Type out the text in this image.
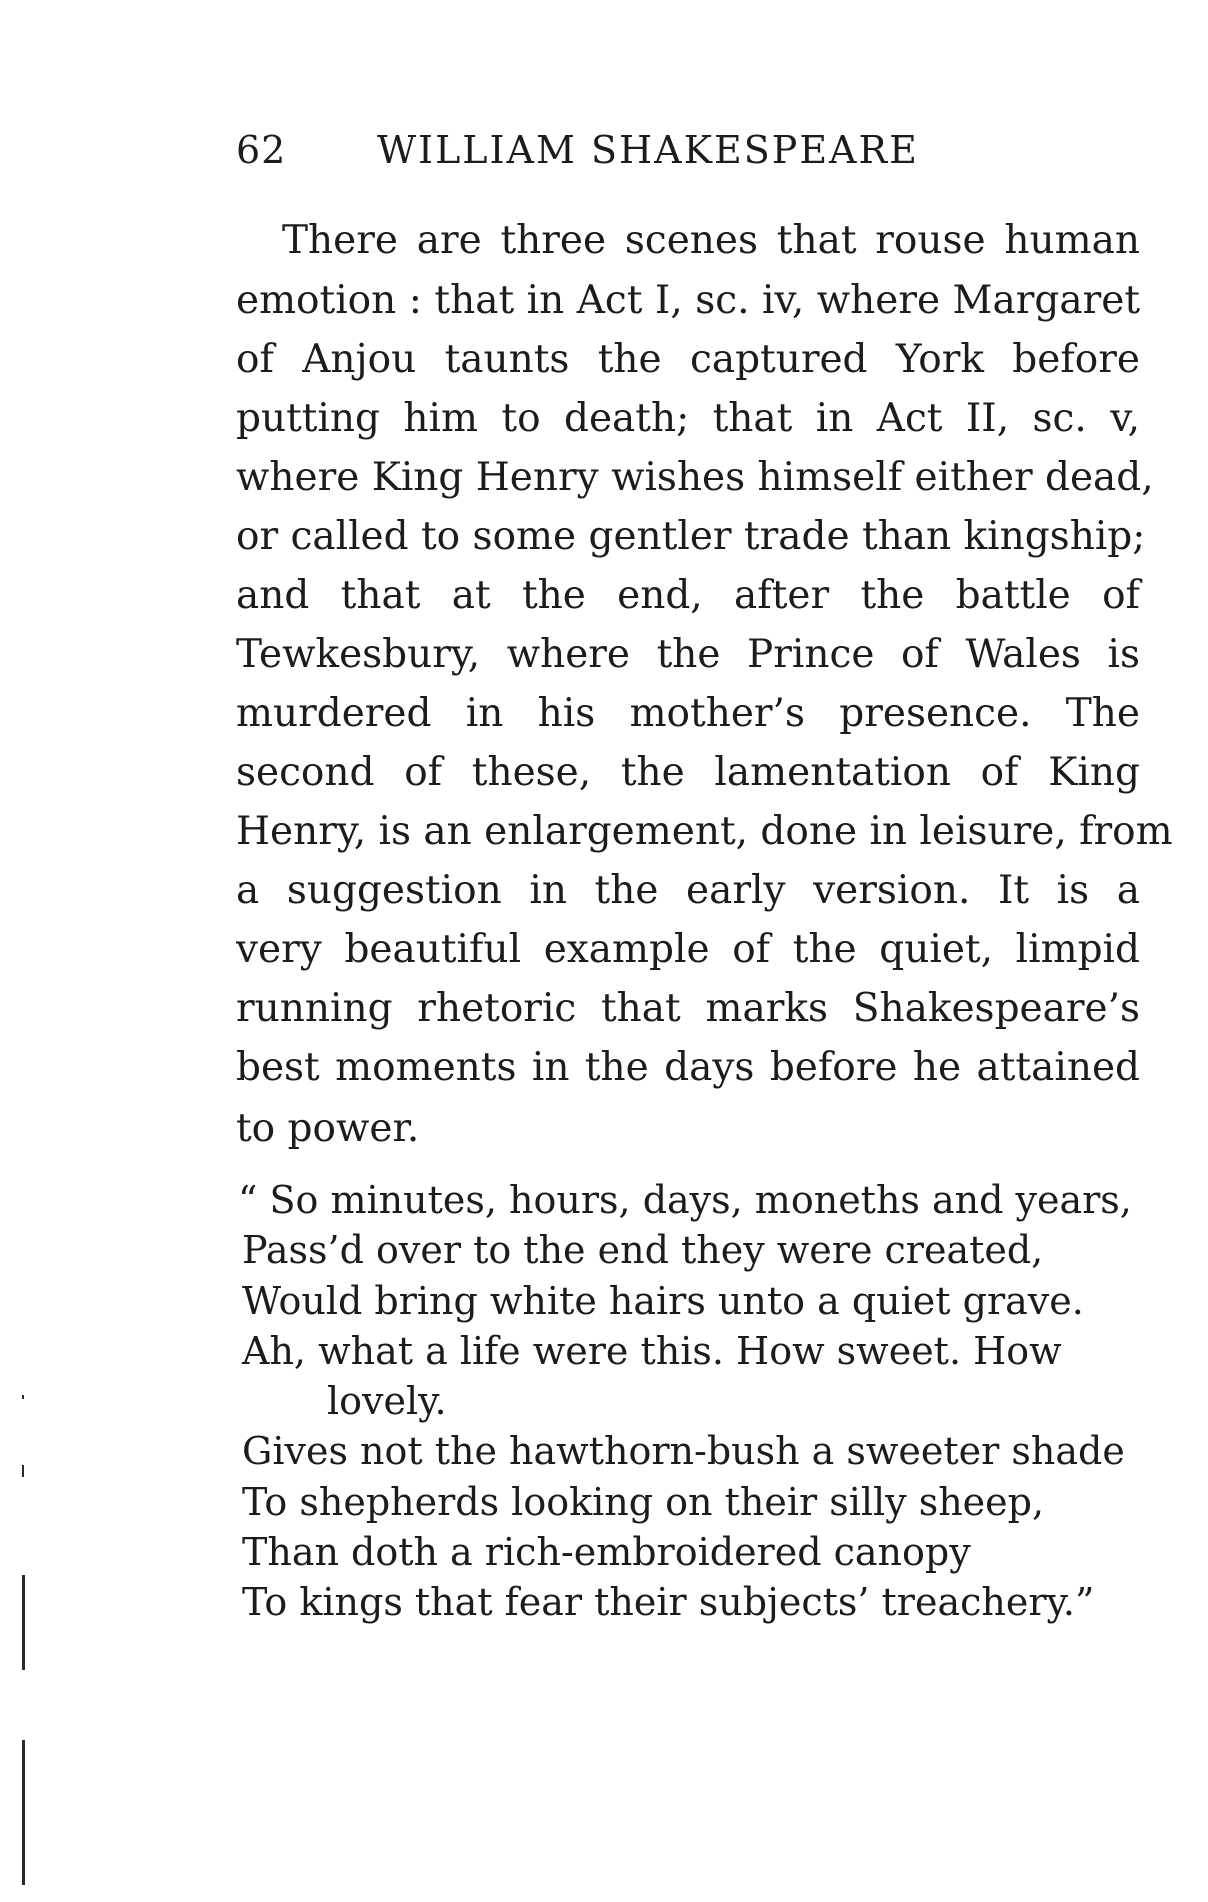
62 WILLIAM SHAKESPEARE
There are three scenes that rouse human
emotion : that in Act I, sc. iv, where Margaret
of Anjou taunts the captured York before
putting him to death; that in Act II, sc. v,
where King Henry wishes himself either dead,
or called to some gentler trade than kingship;
and that at the end, after the battle of
Tewkesbury, where the Prince of Wales is
murdered in his mother’s presence. The
second of these, the lamentation of King
Henry, is an enlargement, done in leisure, from
a suggestion in the early version. It is a
very beautiful example of the quiet, limpid
running rhetoric that marks Shakespeare’s
best moments in the days before he attained
to power.
“ So minutes, hours, days, moneths and years,
Pass’d over to the end they were created,
Would bring white hairs unto a quiet grave.
Ah, what a life were this. How sweet. How
lovely.
Gives not the hawthorn-bush a sweeter shade
To shepherds looking on their silly sheep,
Than doth a rich-embroidered canopy
To kings that fear their subjects’ treachery.”
